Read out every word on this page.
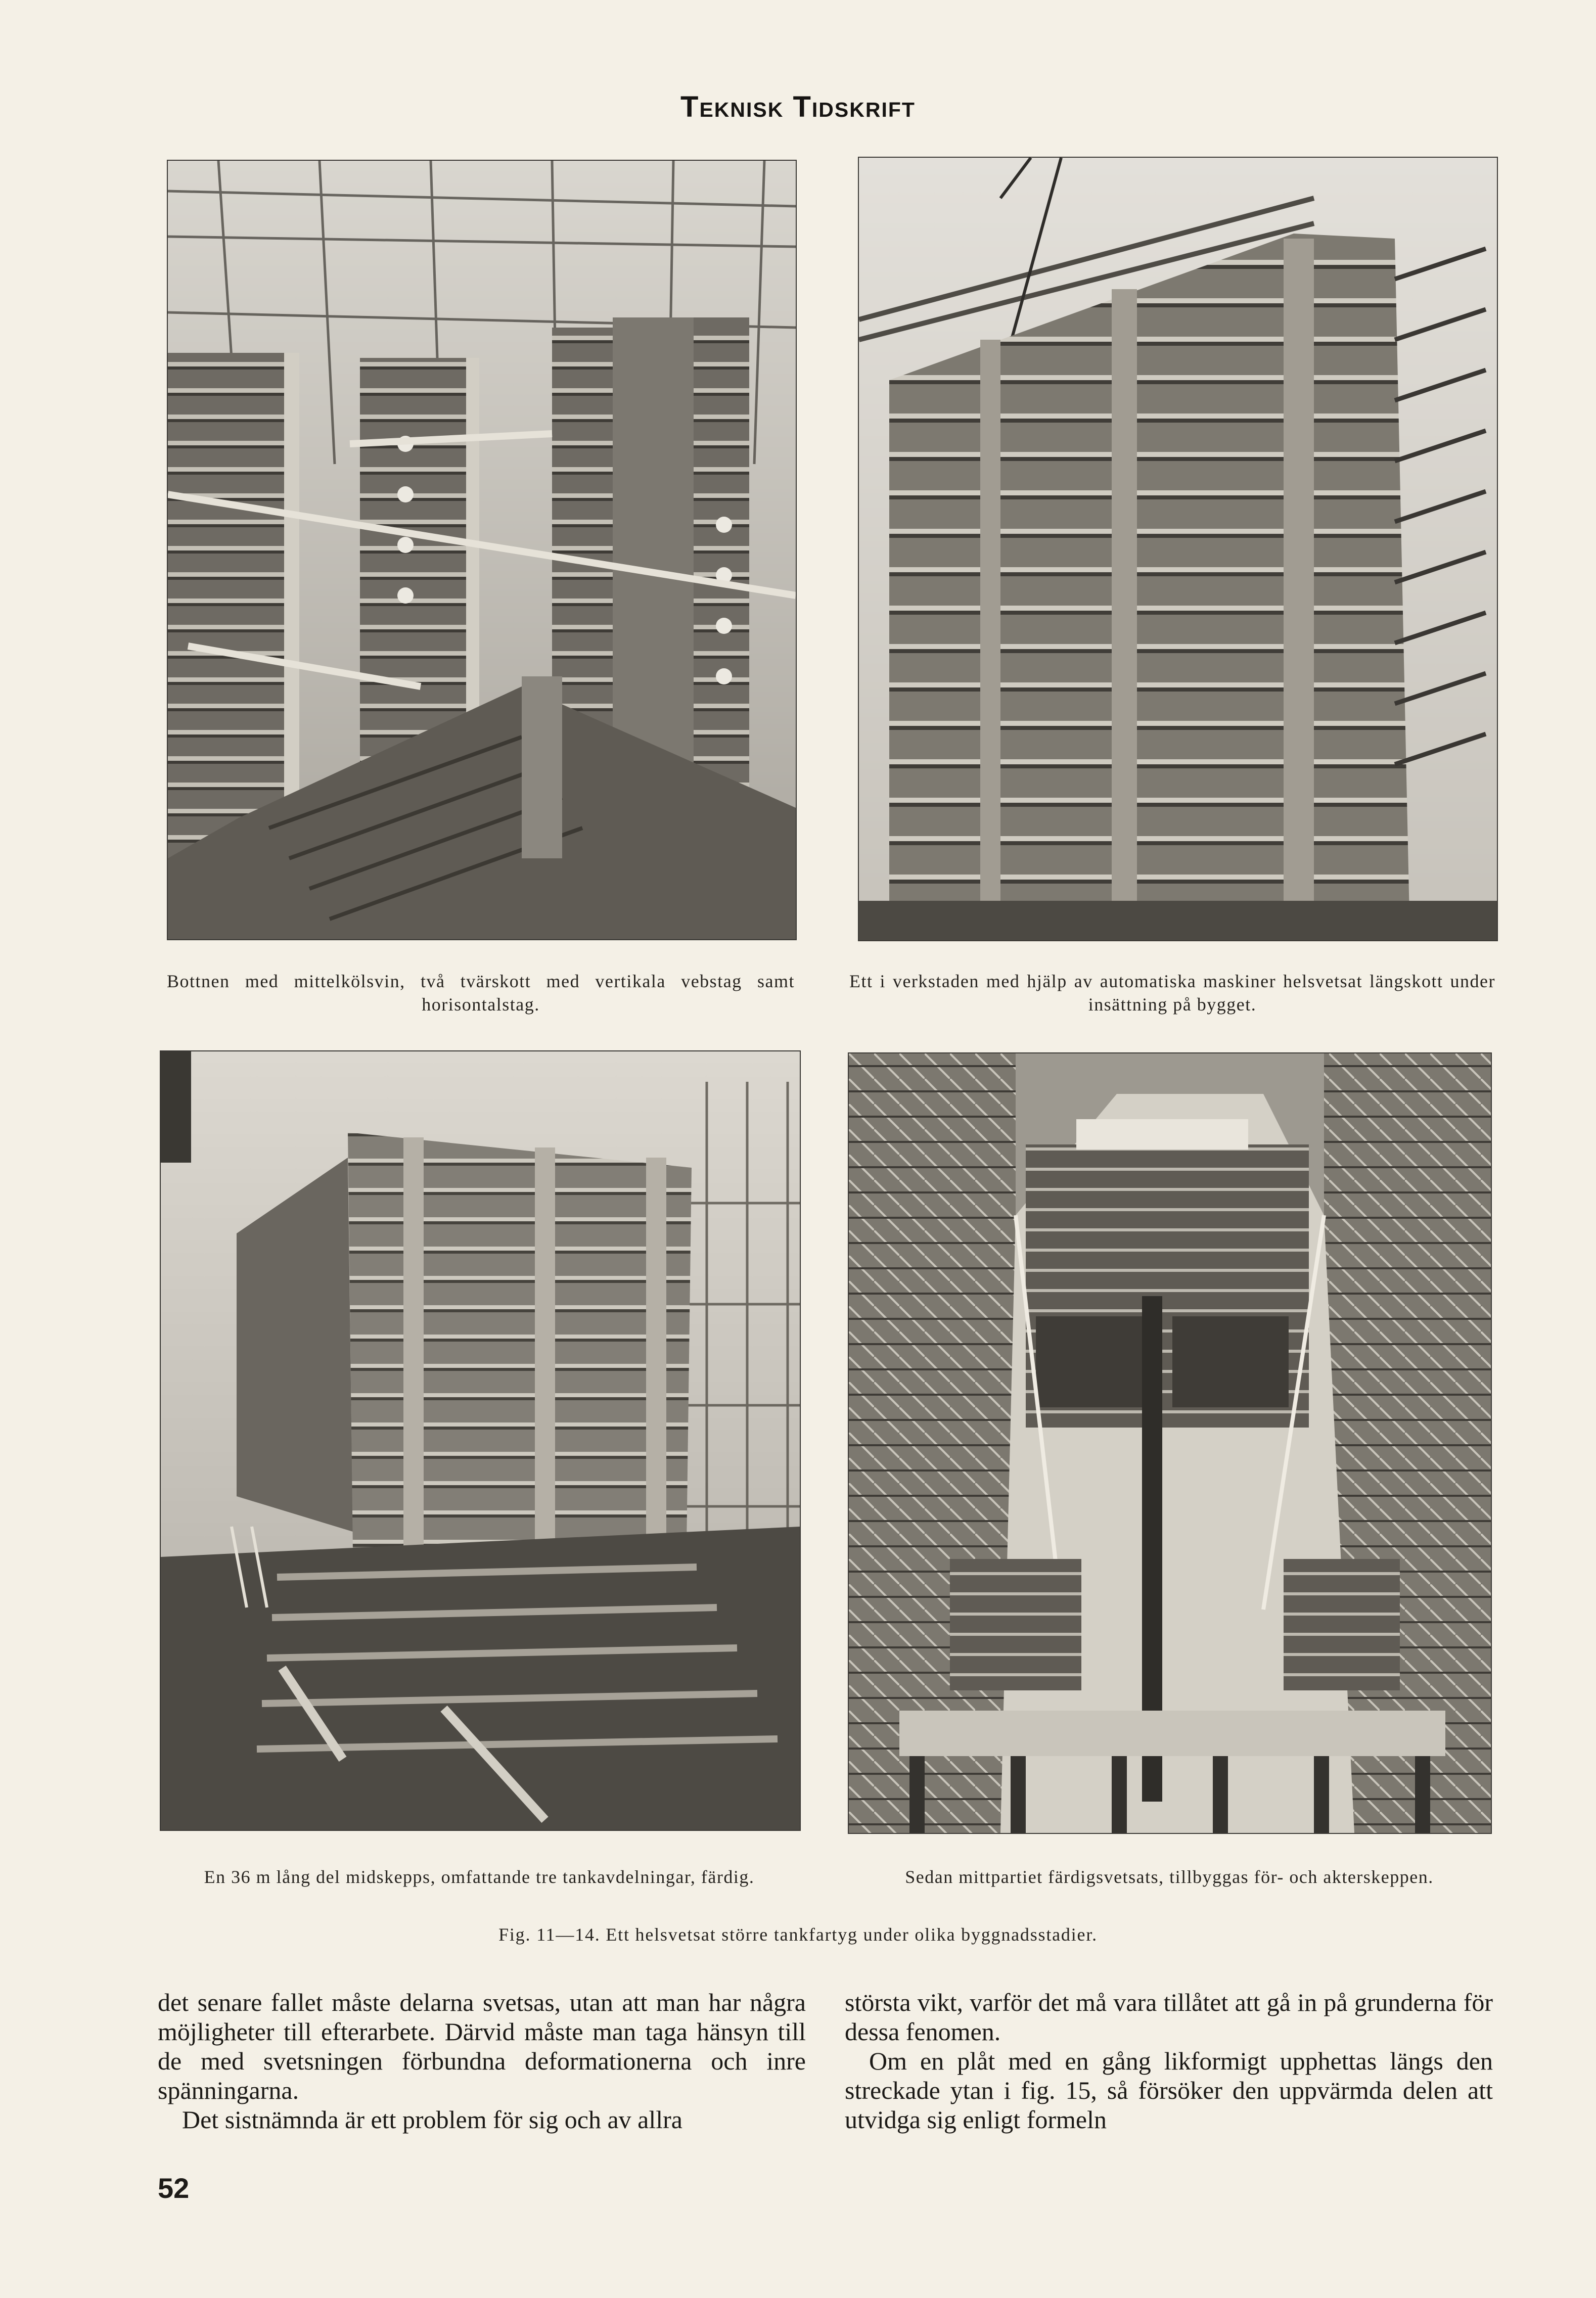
Teknisk Tidskrift
Bottnen med mittelkölsvin, två tvärskott med vertikala vebstag samt horisontalstag.
Ett i verkstaden med hjälp av automatiska maskiner helsvetsat längskott under insättning på bygget.
En 36 m lång del midskepps, omfattande tre tankavdelningar, färdig.	Sedan mittpartiet färdigsvetsats, tillbyggas för- och akterskeppen.
Fig. 11—14. Ett helsvetsat större tankfartyg under olika byggnadsstadier.

det senare fallet måste delarna svetsas, utan att man har några möjligheter till efterarbete. Därvid måste man taga hänsyn till de med svetsningen förbundna deformationerna och inre spänningarna.

Det sistnämnda är ett problem för sig och av allra

största vikt, varför det må vara tillåtet att gå in på grunderna för dessa fenomen.

Om en plåt med en gång likformigt upphettas längs den streckade ytan i fig. 15, så försöker den uppvärmda delen att utvidga sig enligt formeln

52
